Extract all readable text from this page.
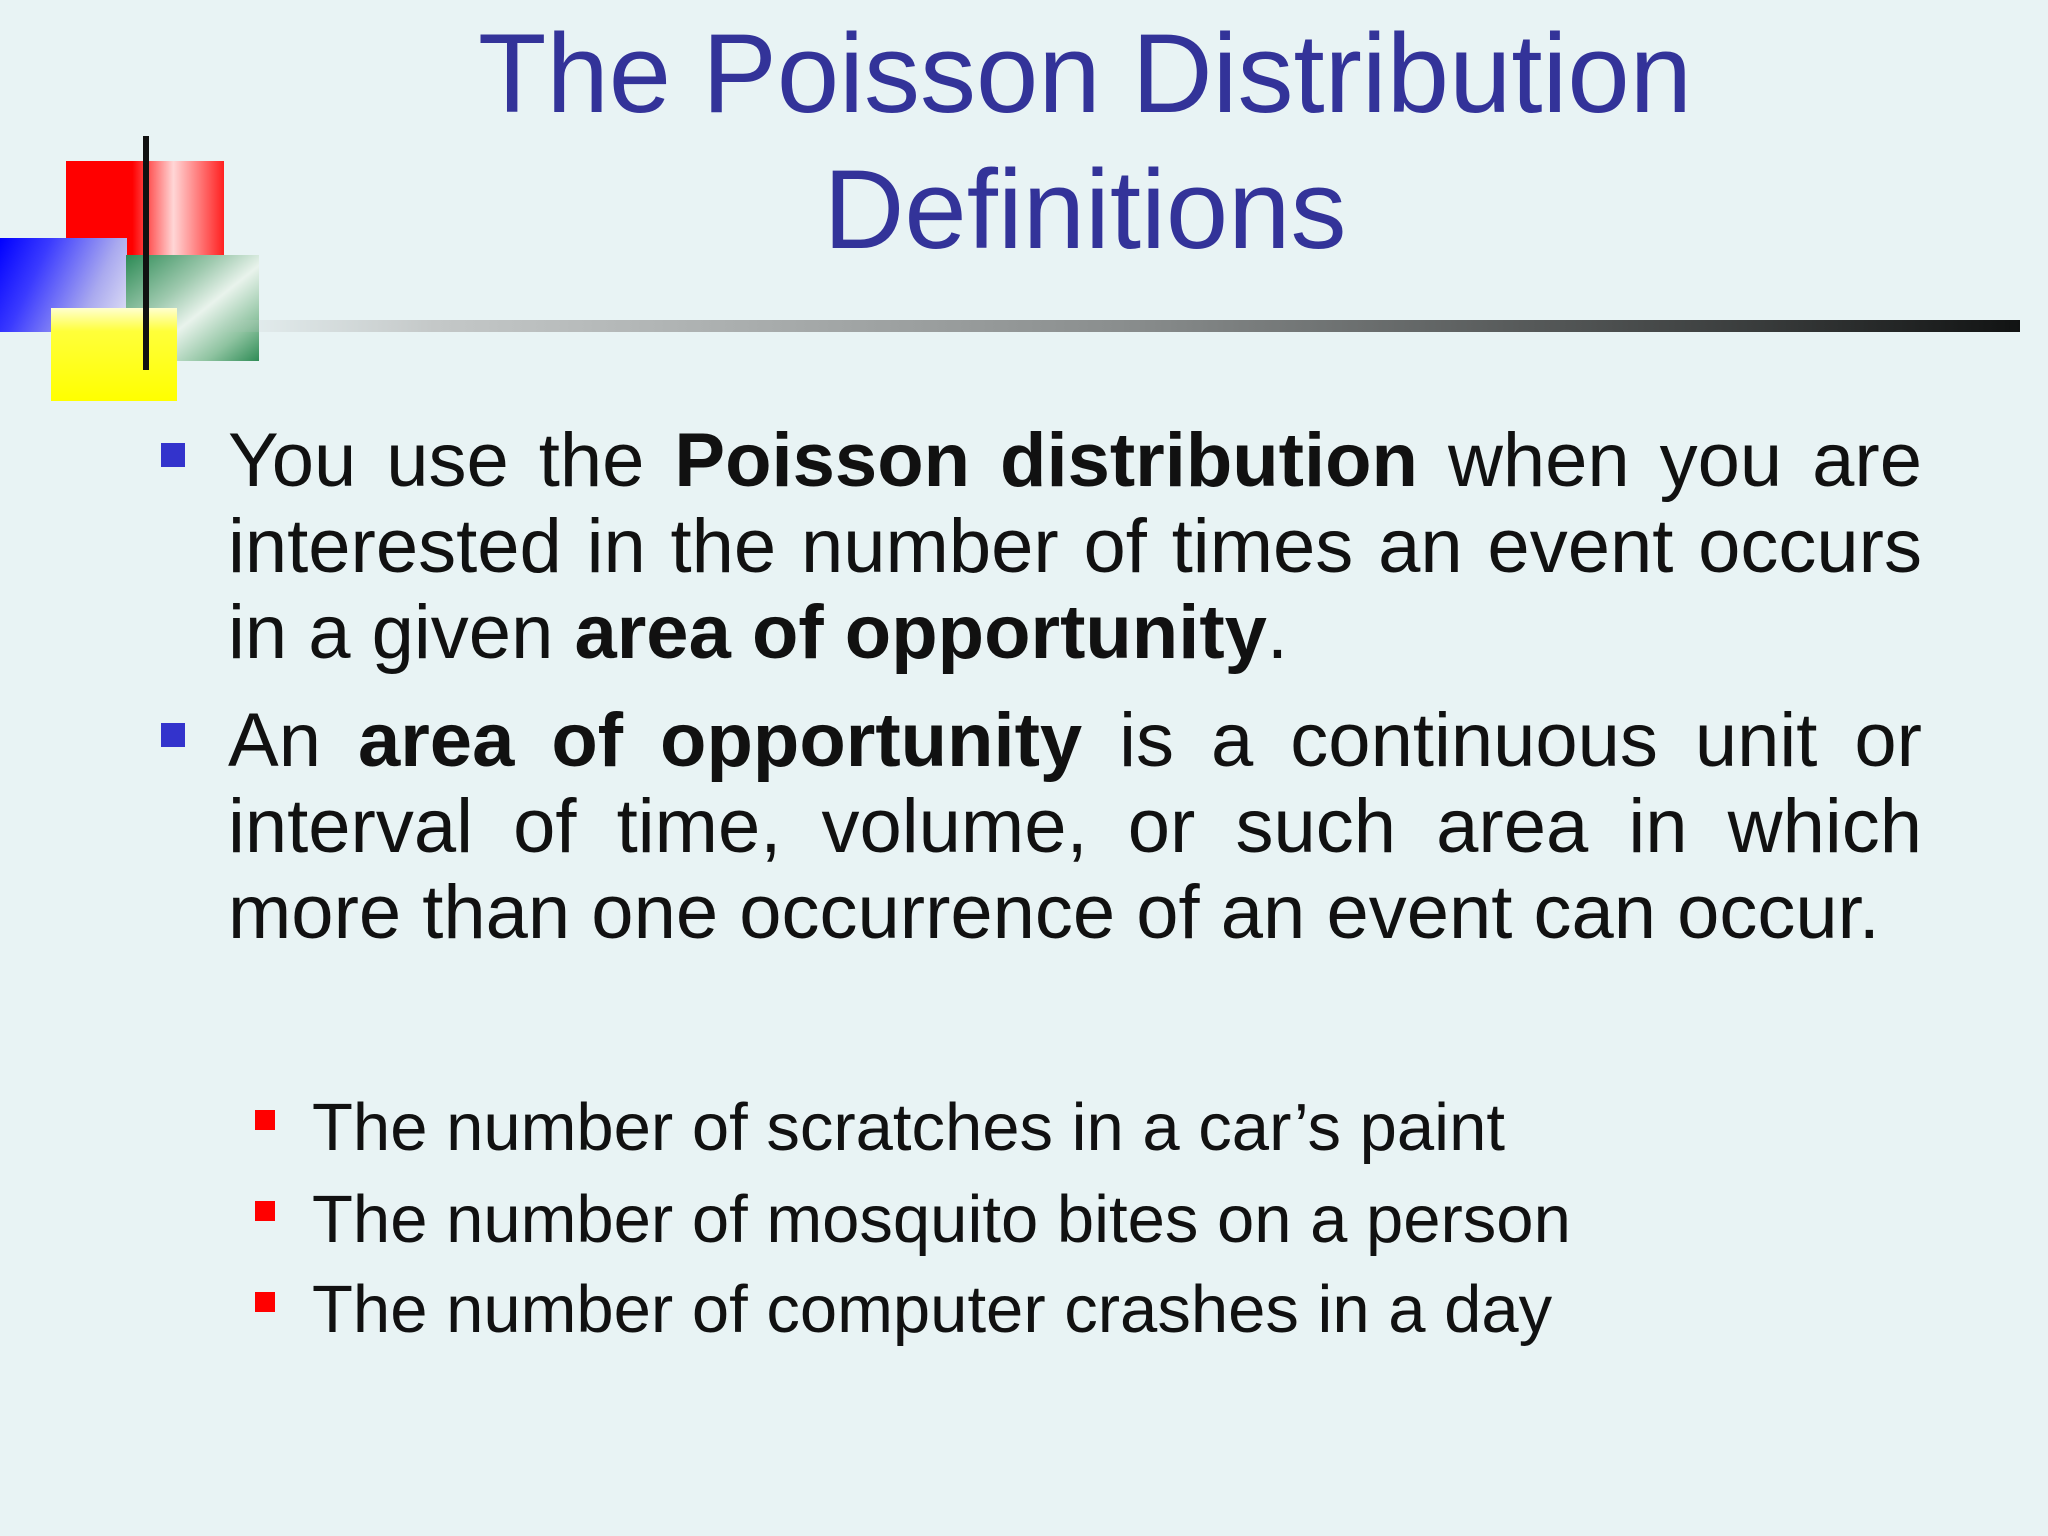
The Poisson Distribution
Definitions
You use the Poisson distribution when you are interested in the number of times an event occurs in a given area of opportunity.
An area of opportunity is a continuous unit or interval of time, volume, or such area in which more than one occurrence of an event can occur.
The number of scratches in a car’s paint
The number of mosquito bites on a person
The number of computer crashes in a day
